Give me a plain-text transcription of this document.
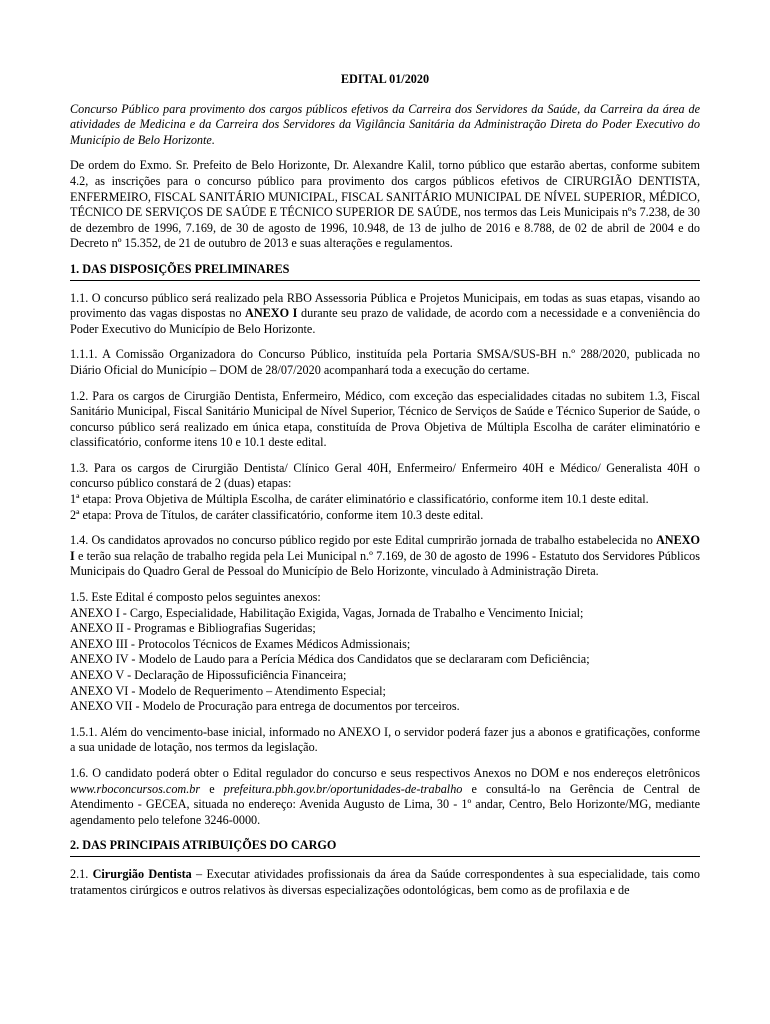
EDITAL 01/2020

Concurso Público para provimento dos cargos públicos efetivos da Carreira dos Servidores da Saúde, da Carreira da área de atividades de Medicina e da Carreira dos Servidores da Vigilância Sanitária da Administração Direta do Poder Executivo do Município de Belo Horizonte.

De ordem do Exmo. Sr. Prefeito de Belo Horizonte, Dr. Alexandre Kalil, torno público que estarão abertas, conforme subitem 4.2, as inscrições para o concurso público para provimento dos cargos públicos efetivos de CIRURGIÃO DENTISTA, ENFERMEIRO, FISCAL SANITÁRIO MUNICIPAL, FISCAL SANITÁRIO MUNICIPAL DE NÍVEL SUPERIOR, MÉDICO, TÉCNICO DE SERVIÇOS DE SAÚDE E TÉCNICO SUPERIOR DE SAÚDE, nos termos das Leis Municipais nºs 7.238, de 30 de dezembro de 1996, 7.169, de 30 de agosto de 1996, 10.948, de 13 de julho de 2016 e 8.788, de 02 de abril de 2004 e do Decreto nº 15.352, de 21 de outubro de 2013 e suas alterações e regulamentos.

1. DAS DISPOSIÇÕES PRELIMINARES

1.1. O concurso público será realizado pela RBO Assessoria Pública e Projetos Municipais, em todas as suas etapas, visando ao provimento das vagas dispostas no ANEXO I durante seu prazo de validade, de acordo com a necessidade e a conveniência do Poder Executivo do Município de Belo Horizonte.

1.1.1. A Comissão Organizadora do Concurso Público, instituída pela Portaria SMSA/SUS-BH n.º 288/2020, publicada no Diário Oficial do Município – DOM de 28/07/2020 acompanhará toda a execução do certame.

1.2. Para os cargos de Cirurgião Dentista, Enfermeiro, Médico, com exceção das especialidades citadas no subitem 1.3, Fiscal Sanitário Municipal, Fiscal Sanitário Municipal de Nível Superior, Técnico de Serviços de Saúde e Técnico Superior de Saúde, o concurso público será realizado em única etapa, constituída de Prova Objetiva de Múltipla Escolha de caráter eliminatório e classificatório, conforme itens 10 e 10.1 deste edital.

1.3. Para os cargos de Cirurgião Dentista/ Clínico Geral 40H, Enfermeiro/ Enfermeiro 40H e Médico/ Generalista 40H o concurso público constará de 2 (duas) etapas:
1ª etapa: Prova Objetiva de Múltipla Escolha, de caráter eliminatório e classificatório, conforme item 10.1 deste edital.
2ª etapa: Prova de Títulos, de caráter classificatório, conforme item 10.3 deste edital.

1.4. Os candidatos aprovados no concurso público regido por este Edital cumprirão jornada de trabalho estabelecida no ANEXO I e terão sua relação de trabalho regida pela Lei Municipal n.º 7.169, de 30 de agosto de 1996 - Estatuto dos Servidores Públicos Municipais do Quadro Geral de Pessoal do Município de Belo Horizonte, vinculado à Administração Direta.

1.5. Este Edital é composto pelos seguintes anexos:
ANEXO I - Cargo, Especialidade, Habilitação Exigida, Vagas, Jornada de Trabalho e Vencimento Inicial;
ANEXO II - Programas e Bibliografias Sugeridas;
ANEXO III - Protocolos Técnicos de Exames Médicos Admissionais;
ANEXO IV - Modelo de Laudo para a Perícia Médica dos Candidatos que se declararam com Deficiência;
ANEXO V - Declaração de Hipossuficiência Financeira;
ANEXO VI - Modelo de Requerimento – Atendimento Especial;
ANEXO VII - Modelo de Procuração para entrega de documentos por terceiros.

1.5.1. Além do vencimento-base inicial, informado no ANEXO I, o servidor poderá fazer jus a abonos e gratificações, conforme a sua unidade de lotação, nos termos da legislação.

1.6. O candidato poderá obter o Edital regulador do concurso e seus respectivos Anexos no DOM e nos endereços eletrônicos www.rboconcursos.com.br e prefeitura.pbh.gov.br/oportunidades-de-trabalho e consultá-lo na Gerência de Central de Atendimento - GECEA, situada no endereço: Avenida Augusto de Lima, 30 - 1º andar, Centro, Belo Horizonte/MG, mediante agendamento pelo telefone 3246-0000.

2. DAS PRINCIPAIS ATRIBUIÇÕES DO CARGO

2.1. Cirurgião Dentista – Executar atividades profissionais da área da Saúde correspondentes à sua especialidade, tais como tratamentos cirúrgicos e outros relativos às diversas especializações odontológicas, bem como as de profilaxia e de
